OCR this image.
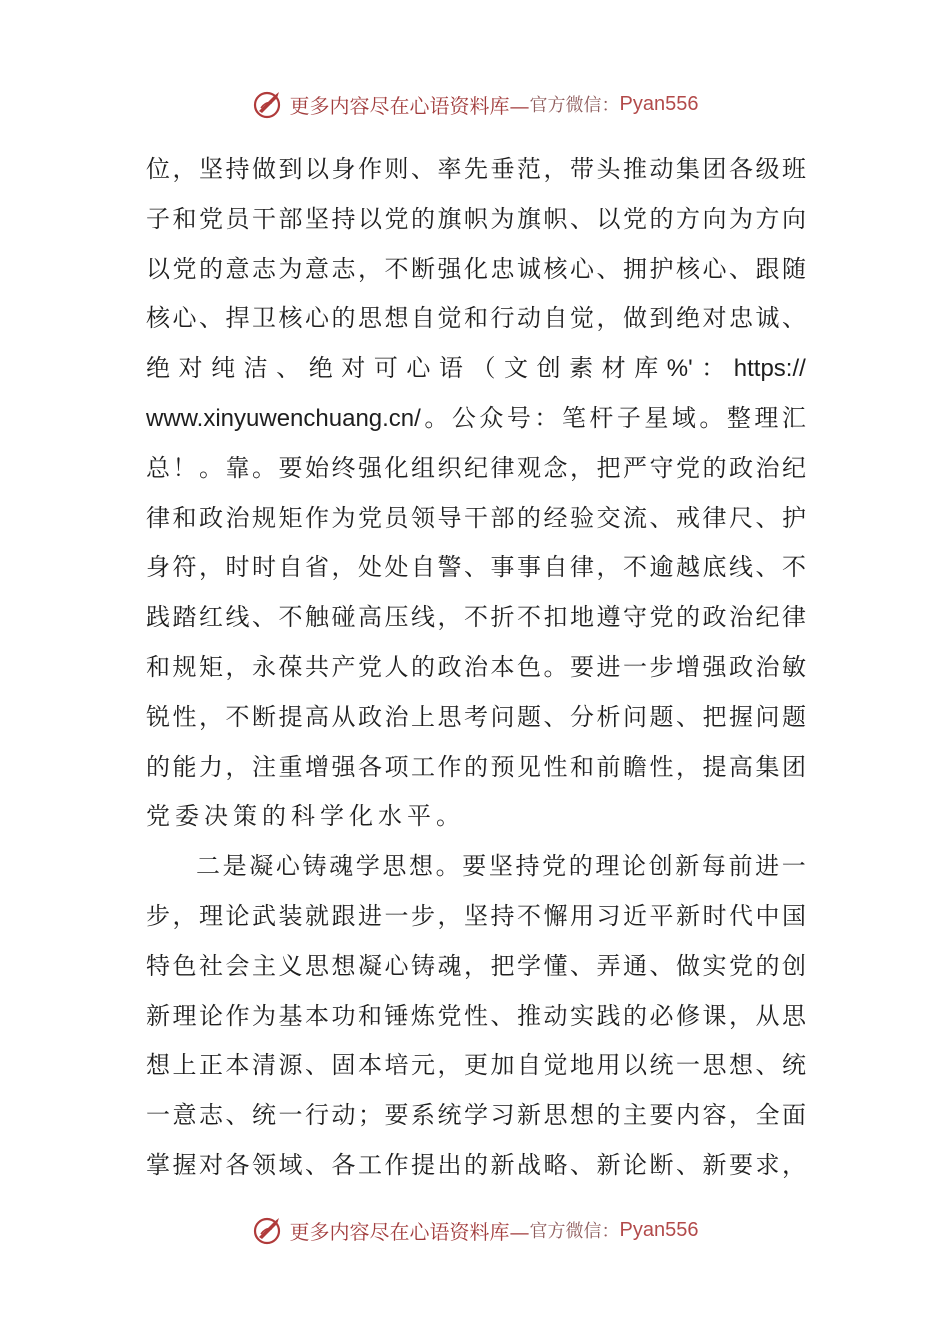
更多内容尽在心语资料库— 官方微信： Pyan556
位 ， 坚 持 做 到 以 身 作 则 、 率 先 垂 范 ， 带 头 推 动 集 团 各 级 班
子 和 党 员 干 部 坚 持 以 党 的 旗 帜 为 旗 帜 、 以 党 的 方 向 为 方 向
以 党 的 意 志 为 意 志 ， 不 断 强 化 忠 诚 核 心 、 拥 护 核 心 、 跟 随
核 心 、 捍 卫 核 心 的 思 想 自 觉 和 行 动 自 觉 ， 做 到 绝 对 忠 诚 、
绝 对 纯 洁 、 绝 对 可 心 语 （ 文 创 素 材 库 %' ： https://
www.xinyuwenchuang.cn/ 。 公 众 号 ： 笔 杆 子 星 域 。 整 理 汇
总 ！ 。 靠 。 要 始 终 强 化 组 织 纪 律 观 念 ， 把 严 守 党 的 政 治 纪
律 和 政 治 规 矩 作 为 党 员 领 导 干 部 的 经 验 交 流 、 戒 律 尺 、 护
身 符 ， 时 时 自 省 ， 处 处 自 警 、 事 事 自 律 ， 不 逾 越 底 线 、 不
践 踏 红 线 、 不 触 碰 高 压 线 ， 不 折 不 扣 地 遵 守 党 的 政 治 纪 律
和 规 矩 ， 永 葆 共 产 党 人 的 政 治 本 色 。 要 进 一 步 增 强 政 治 敏
锐 性 ， 不 断 提 高 从 政 治 上 思 考 问 题 、 分 析 问 题 、 把 握 问 题
的 能 力 ， 注 重 增 强 各 项 工 作 的 预 见 性 和 前 瞻 性 ， 提 高 集 团
党委决策的科学化水平。
二 是 凝 心 铸 魂 学 思 想 。 要 坚 持 党 的 理 论 创 新 每 前 进 一
步 ， 理 论 武 装 就 跟 进 一 步 ， 坚 持 不 懈 用 习 近 平 新 时 代 中 国
特 色 社 会 主 义 思 想 凝 心 铸 魂 ， 把 学 懂 、 弄 通 、 做 实 党 的 创
新 理 论 作 为 基 本 功 和 锤 炼 党 性 、 推 动 实 践 的 必 修 课 ， 从 思
想 上 正 本 清 源 、 固 本 培 元 ， 更 加 自 觉 地 用 以 统 一 思 想 、 统
一 意 志 、 统 一 行 动 ； 要 系 统 学 习 新 思 想 的 主 要 内 容 ， 全 面
掌 握 对 各 领 域 、 各 工 作 提 出 的 新 战 略 、 新 论 断 、 新 要 求 ，
更多内容尽在心语资料库— 官方微信： Pyan556
